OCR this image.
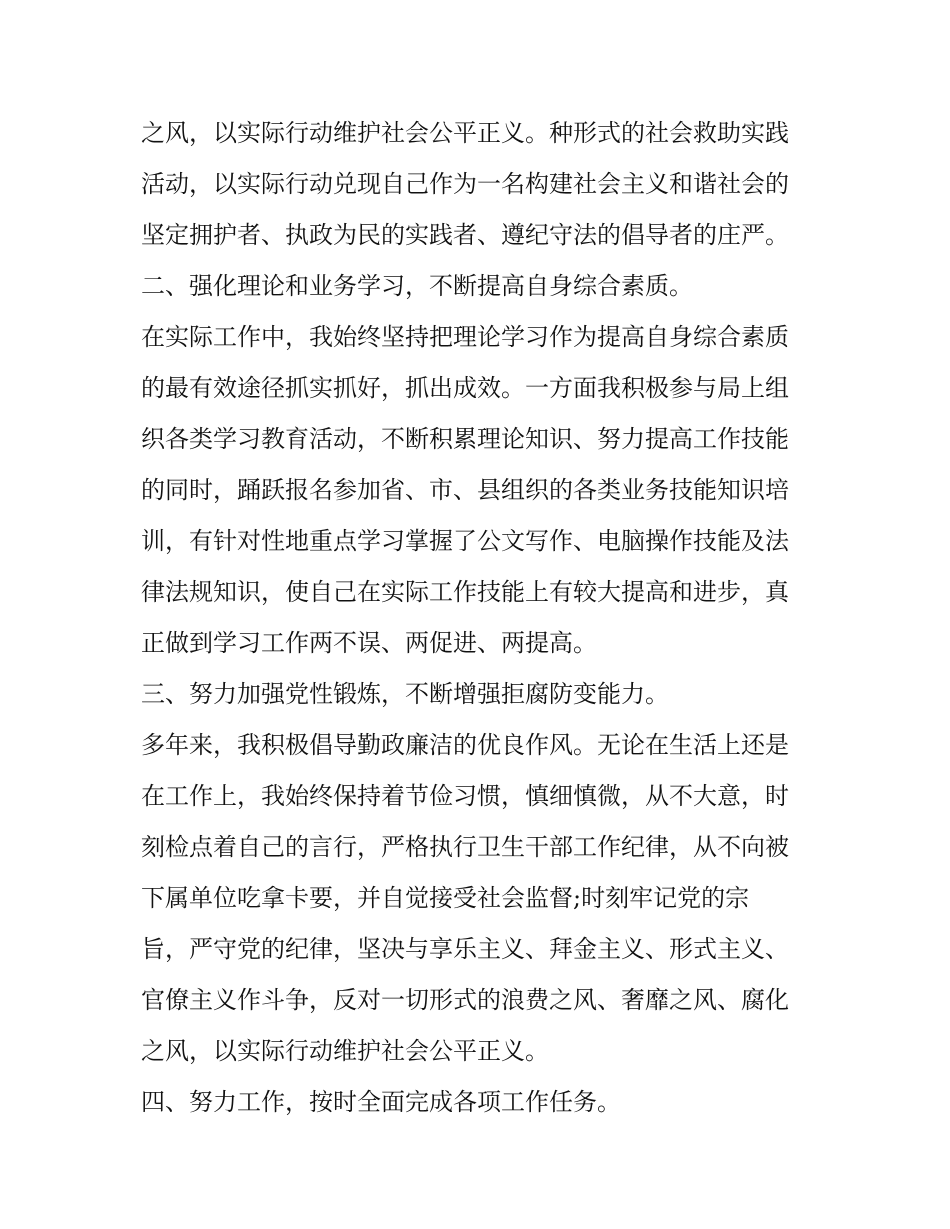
之风，以实际行动维护社会公平正义。种形式的社会救助实践

活动，以实际行动兑现自己作为一名构建社会主义和谐社会的

坚定拥护者、执政为民的实践者、遵纪守法的倡导者的庄严。

二、强化理论和业务学习，不断提高自身综合素质。

在实际工作中，我始终坚持把理论学习作为提高自身综合素质

的最有效途径抓实抓好，抓出成效。一方面我积极参与局上组

织各类学习教育活动，不断积累理论知识、努力提高工作技能

的同时，踊跃报名参加省、市、县组织的各类业务技能知识培

训，有针对性地重点学习掌握了公文写作、电脑操作技能及法

律法规知识，使自己在实际工作技能上有较大提高和进步，真

正做到学习工作两不误、两促进、两提高。

三、努力加强党性锻炼，不断增强拒腐防变能力。

多年来，我积极倡导勤政廉洁的优良作风。无论在生活上还是

在工作上，我始终保持着节俭习惯，慎细慎微，从不大意，时

刻检点着自己的言行，严格执行卫生干部工作纪律，从不向被

下属单位吃拿卡要，并自觉接受社会监督;时刻牢记党的宗

旨，严守党的纪律，坚决与享乐主义、拜金主义、形式主义、

官僚主义作斗争，反对一切形式的浪费之风、奢靡之风、腐化

之风，以实际行动维护社会公平正义。

四、努力工作，按时全面完成各项工作任务。
